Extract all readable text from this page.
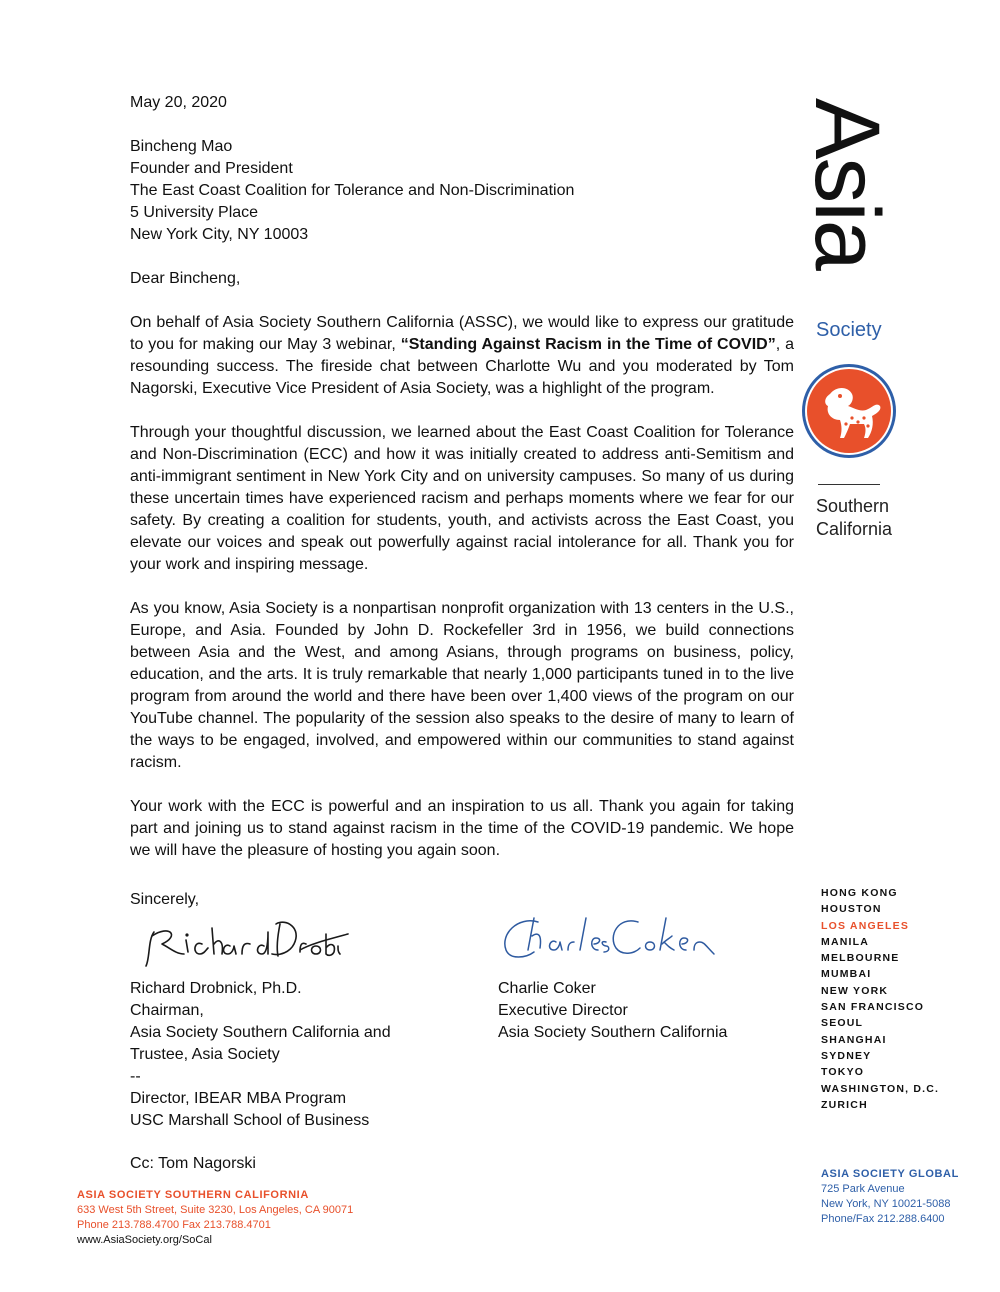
May 20, 2020

Bincheng Mao
Founder and President
The East Coast Coalition for Tolerance and Non-Discrimination
5 University Place
New York City, NY 10003

Dear Bincheng,

On behalf of Asia Society Southern California (ASSC), we would like to express our gratitude to you for making our May 3 webinar, “Standing Against Racism in the Time of COVID”, a resounding success. The fireside chat between Charlotte Wu and you moderated by Tom Nagorski, Executive Vice President of Asia Society, was a highlight of the program.

Through your thoughtful discussion, we learned about the East Coast Coalition for Tolerance and Non-Discrimination (ECC) and how it was initially created to address anti-Semitism and anti-immigrant sentiment in New York City and on university campuses. So many of us during these uncertain times have experienced racism and perhaps moments where we fear for our safety. By creating a coalition for students, youth, and activists across the East Coast, you elevate our voices and speak out powerfully against racial intolerance for all. Thank you for your work and inspiring message.

As you know, Asia Society is a nonpartisan nonprofit organization with 13 centers in the U.S., Europe, and Asia. Founded by John D. Rockefeller 3rd in 1956, we build connections between Asia and the West, and among Asians, through programs on business, policy, education, and the arts. It is truly remarkable that nearly 1,000 participants tuned in to the live program from around the world and there have been over 1,400 views of the program on our YouTube channel. The popularity of the session also speaks to the desire of many to learn of the ways to be engaged, involved, and empowered within our communities to stand against racism.

Your work with the ECC is powerful and an inspiration to us all. Thank you again for taking part and joining us to stand against racism in the time of the COVID-19 pandemic. We hope we will have the pleasure of hosting you again soon.

Sincerely,
Richard Drobnick, Ph.D.
Chairman,
Asia Society Southern California and
Trustee, Asia Society
--
Director, IBEAR MBA Program
USC Marshall School of Business
Charlie Coker
Executive Director
Asia Society Southern California
Cc: Tom Nagorski
ASIA SOCIETY SOUTHERN CALIFORNIA
633 West 5th Street, Suite 3230, Los Angeles, CA 90071
Phone 213.788.4700 Fax 213.788.4701
www.AsiaSociety.org/SoCal
Asia
Society
Southern
California
HONG KONG
HOUSTON
LOS ANGELES
MANILA
MELBOURNE
MUMBAI
NEW YORK
SAN FRANCISCO
SEOUL
SHANGHAI
SYDNEY
TOKYO
WASHINGTON, D.C.
ZURICH
ASIA SOCIETY GLOBAL
725 Park Avenue
New York, NY 10021-5088
Phone/Fax 212.288.6400
